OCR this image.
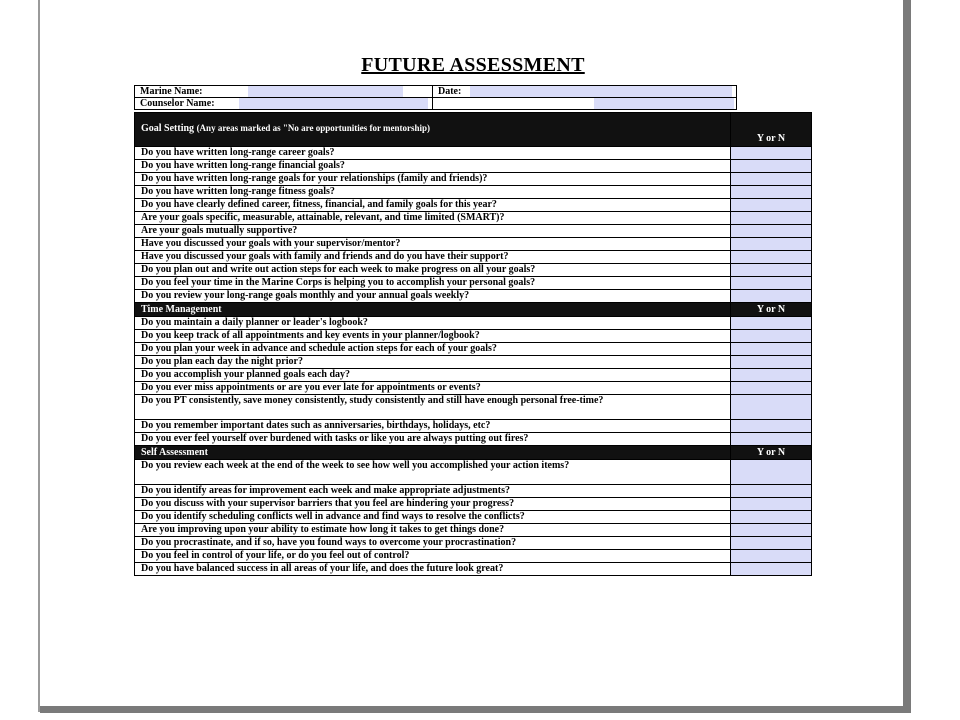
FUTURE ASSESSMENT
Marine Name:	Date:

Counselor Name:	
Goal Setting (Any areas marked as "No are opportunities for mentorship)	Y or N
Do you have written long-range career goals?	
Do you have written long-range financial goals?	
Do you have written long-range goals for your relationships (family and friends)?	
Do you have written long-range fitness goals?	
Do you have clearly defined career, fitness, financial, and family goals for this year?	
Are your goals specific, measurable, attainable, relevant, and time limited (SMART)?	
Are your goals mutually supportive?	
Have you discussed your goals with your supervisor/mentor?	
Have you discussed your goals with family and friends and do you have their support?	
Do you plan out and write out action steps for each week to make progress on all your goals?	
Do you feel your time in the Marine Corps is helping you to accomplish your personal goals?	
Do you review your long-range goals monthly and your annual goals weekly?	
Time Management	Y or N
Do you maintain a daily planner or leader's logbook?	
Do you keep track of all appointments and key events in your planner/logbook?	
Do you plan your week in advance and schedule action steps for each of your goals?	
Do you plan each day the night prior?	
Do you accomplish your planned goals each day?	
Do you ever miss appointments or are you ever late for appointments or events?	
Do you PT consistently, save money consistently, study consistently and still have enough personal free-time?	
Do you remember important dates such as anniversaries, birthdays, holidays, etc?	
Do you ever feel yourself over burdened with tasks or like you are always putting out fires?	
Self Assessment	Y or N
Do you review each week at the end of the week to see how well you accomplished your action items?	
Do you identify areas for improvement each week and make appropriate adjustments?	
Do you discuss with your supervisor barriers that you feel are hindering your progress?	
Do you identify scheduling conflicts well in advance and find ways to resolve the conflicts?	
Are you improving upon your ability to estimate how long it takes to get things done?	
Do you procrastinate, and if so, have you found ways to overcome your procrastination?	
Do you feel in control of your life, or do you feel out of control?	
Do you have balanced success in all areas of your life, and does the future look great?	
